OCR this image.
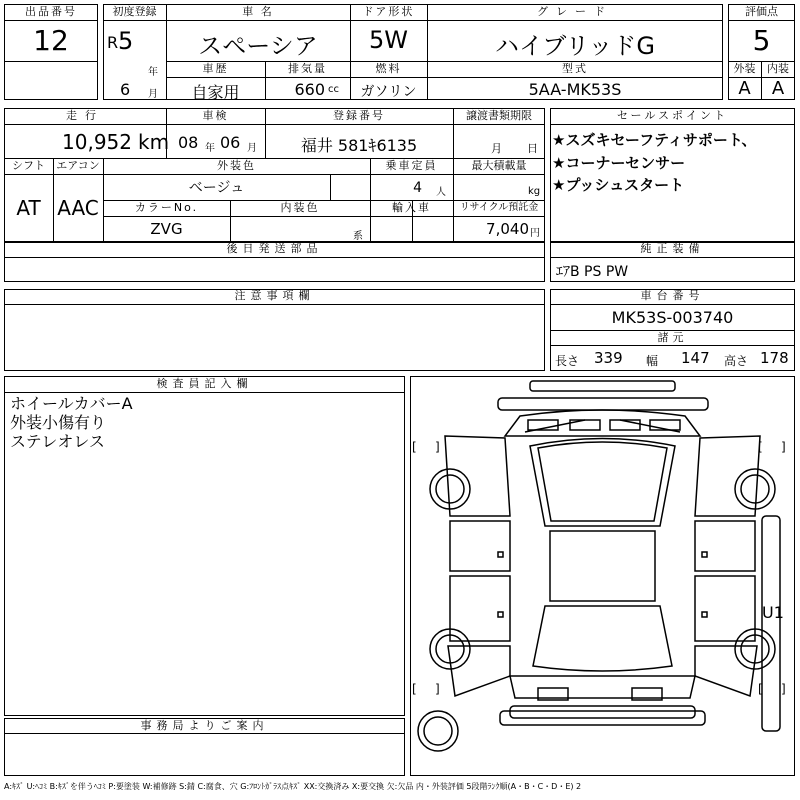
出品番号
12
初度登録
R 5
年
6	月
車 名
スペーシア
ドア形状
5W
グレード
ハイブリッドG
車歴
自家用
排気量
660 cc
燃料
ガソリン
型式
5AA-MK53S
評価点
5
外装	内装
A	A
走行
10,952 km
車検
08 年 06 月
登録番号
福井 581ｷ6135
譲渡書類期限
月 日
シフト
AT
エアコン
AAC
外装色
ベージュ
乗車定員
4 人
最大積載量
kg
カラーNo.
ZVG
内装色
系
輸入車	リサイクル預託金
7,040 円
セールスポイント
★スズキセーフティサポート、
★コーナーセンサー
★プッシュスタート
後日発送部品	純正装備
ｴｱB PS PW
注意事項欄	車台番号
MK53S-003740
諸元
長さ 339	幅 147	高さ 178
検査員記入欄
ホイールカバーA
外装小傷有り
ステレオレス
事務局よりご案内
[ ]	[ ]
[ ]	[ ]
U1
A:ｷｽﾞ U:ﾍｺﾐ B:ｷｽﾞを伴うﾍｺﾐ P:要塗装 W:補修跡 S:錆 C:腐食、穴 G:ﾌﾛﾝﾄｶﾞﾗｽ点ｷｽﾞ XX:交換済み X:要交換 欠:欠品 内・外装評価 5段階ﾗﾝｸ順(A・B・C・D・E) 2
